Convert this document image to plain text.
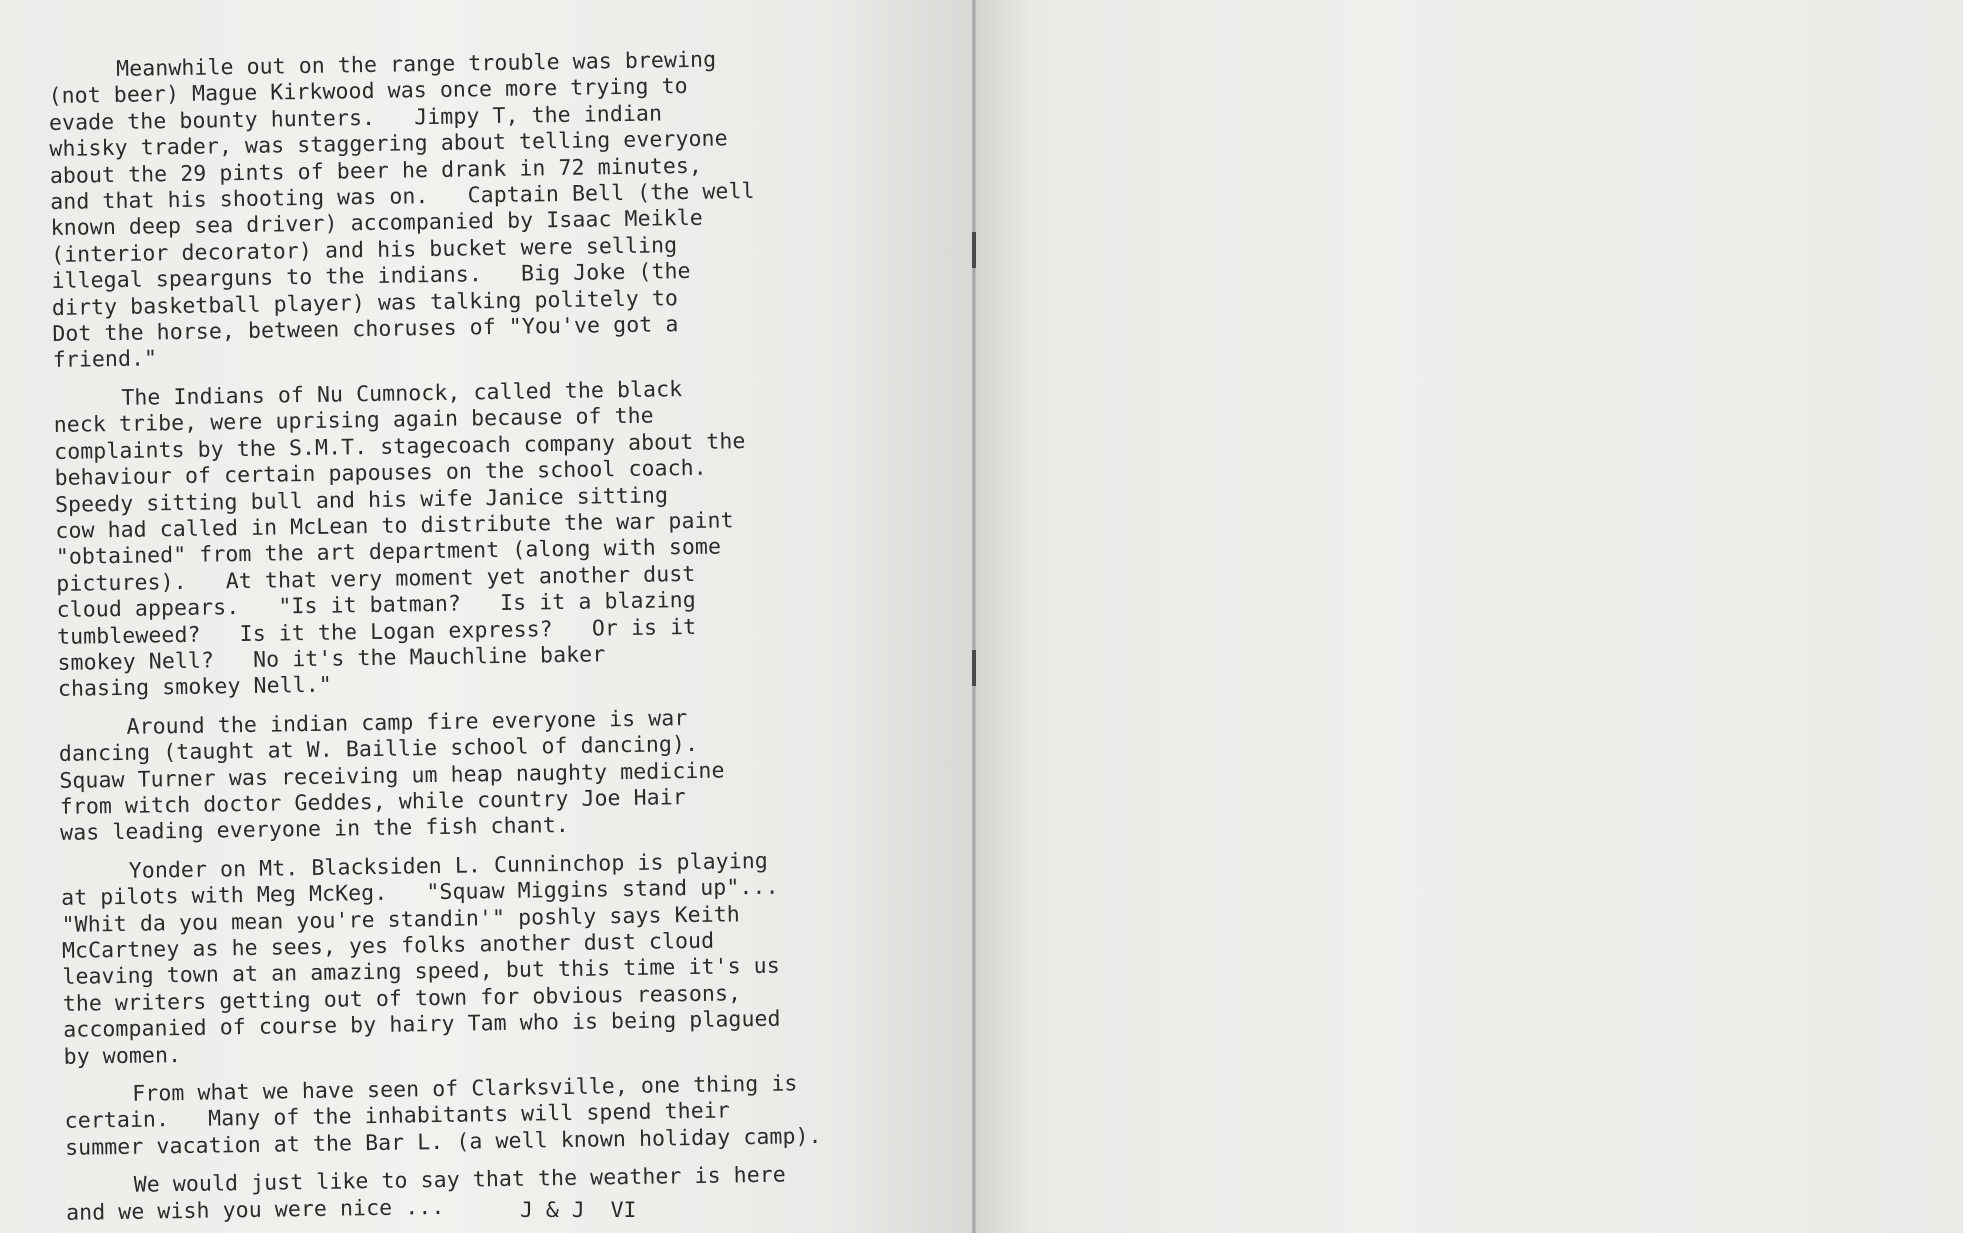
Meanwhile out on the range trouble was brewing
(not beer) Mague Kirkwood was once more trying to
evade the bounty hunters.   Jimpy T, the indian
whisky trader, was staggering about telling everyone
about the 29 pints of beer he drank in 72 minutes,
and that his shooting was on.   Captain Bell (the well
known deep sea driver) accompanied by Isaac Meikle
(interior decorator) and his bucket were selling
illegal spearguns to the indians.   Big Joke (the
dirty basketball player) was talking politely to
Dot the horse, between choruses of "You've got a
friend."
The Indians of Nu Cumnock, called the black
neck tribe, were uprising again because of the
complaints by the S.M.T. stagecoach company about the
behaviour of certain papouses on the school coach.
Speedy sitting bull and his wife Janice sitting
cow had called in McLean to distribute the war paint
"obtained" from the art department (along with some
pictures).   At that very moment yet another dust
cloud appears.   "Is it batman?   Is it a blazing
tumbleweed?   Is it the Logan express?   Or is it
smokey Nell?   No it's the Mauchline baker
chasing smokey Nell."
Around the indian camp fire everyone is war
dancing (taught at W. Baillie school of dancing).
Squaw Turner was receiving um heap naughty medicine
from witch doctor Geddes, while country Joe Hair
was leading everyone in the fish chant.
Yonder on Mt. Blacksiden L. Cunninchop is playing
at pilots with Meg McKeg.   "Squaw Miggins stand up"...
"Whit da you mean you're standin'" poshly says Keith
McCartney as he sees, yes folks another dust cloud
leaving town at an amazing speed, but this time it's us
the writers getting out of town for obvious reasons,
accompanied of course by hairy Tam who is being plagued
by women.
From what we have seen of Clarksville, one thing is
certain.   Many of the inhabitants will spend their
summer vacation at the Bar L. (a well known holiday camp).
We would just like to say that the weather is here
and we wish you were nice ...	J & J  VI
